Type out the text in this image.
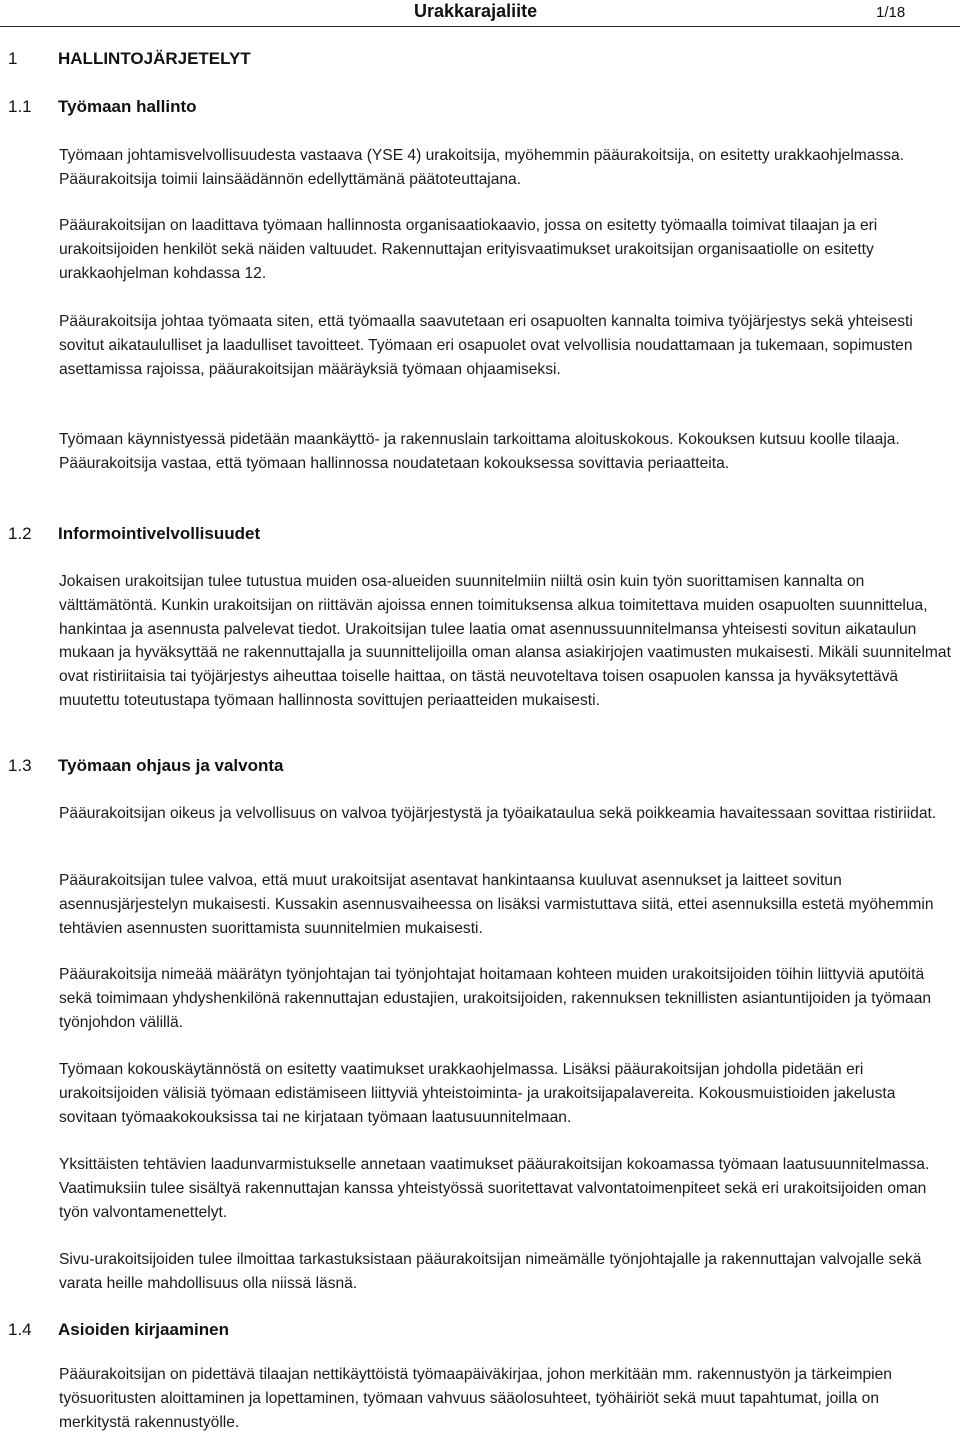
Urakkarajaliite	1/18
1 HALLINTOJÄRJETELYT
1.1 Työmaan hallinto

Työmaan johtamisvelvollisuudesta vastaava (YSE 4) urakoitsija, myöhemmin pääurakoitsija, on esitetty urakkaohjelmassa. Pääurakoitsija toimii lainsäädännön edellyttämänä päätoteuttajana.

Pääurakoitsijan on laadittava työmaan hallinnosta organisaatiokaavio, jossa on esitetty työmaalla toimivat tilaajan ja eri urakoitsijoiden henkilöt sekä näiden valtuudet. Rakennuttajan erityisvaatimukset urakoitsijan organisaatiolle on esitetty urakkaohjelman kohdassa 12.

Pääurakoitsija johtaa työmaata siten, että työmaalla saavutetaan eri osapuolten kannalta toimiva työjärjestys sekä yhteisesti sovitut aikataululliset ja laadulliset tavoitteet. Työmaan eri osapuolet ovat velvollisia noudattamaan ja tukemaan, sopimusten asettamissa rajoissa, pääurakoitsijan määräyksiä työmaan ohjaamiseksi.

Työmaan käynnistyessä pidetään maankäyttö- ja rakennuslain tarkoittama aloituskokous. Kokouksen kutsuu koolle tilaaja. Pääurakoitsija vastaa, että työmaan hallinnossa noudatetaan kokouksessa sovittavia periaatteita.

1.2 Informointivelvollisuudet

Jokaisen urakoitsijan tulee tutustua muiden osa-alueiden suunnitelmiin niiltä osin kuin työn suorittamisen kannalta on välttämätöntä. Kunkin urakoitsijan on riittävän ajoissa ennen toimituksensa alkua toimitettava muiden osapuolten suunnittelua, hankintaa ja asennusta palvelevat tiedot. Urakoitsijan tulee laatia omat asennussuunnitelmansa yhteisesti sovitun aikataulun mukaan ja hyväksyttää ne rakennuttajalla ja suunnittelijoilla oman alansa asiakirjojen vaatimusten mukaisesti. Mikäli suunnitelmat ovat ristiriitaisia tai työjärjestys aiheuttaa toiselle haittaa, on tästä neuvoteltava toisen osapuolen kanssa ja hyväksytettävä muutettu toteutustapa työmaan hallinnosta sovittujen periaatteiden mukaisesti.

1.3 Työmaan ohjaus ja valvonta

Pääurakoitsijan oikeus ja velvollisuus on valvoa työjärjestystä ja työaikataulua sekä poikkeamia havaitessaan sovittaa ristiriidat.

Pääurakoitsijan tulee valvoa, että muut urakoitsijat asentavat hankintaansa kuuluvat asennukset ja laitteet sovitun asennusjärjestelyn mukaisesti. Kussakin asennusvaiheessa on lisäksi varmistuttava siitä, ettei asennuksilla estetä myöhemmin tehtävien asennusten suorittamista suunnitelmien mukaisesti.

Pääurakoitsija nimeää määrätyn työnjohtajan tai työnjohtajat hoitamaan kohteen muiden urakoitsijoiden töihin liittyviä aputöitä sekä toimimaan yhdyshenkilönä rakennuttajan edustajien, urakoitsijoiden, rakennuksen teknillisten asiantuntijoiden ja työmaan työnjohdon välillä.

Työmaan kokouskäytännöstä on esitetty vaatimukset urakkaohjelmassa. Lisäksi pääurakoitsijan johdolla pidetään eri urakoitsijoiden välisiä työmaan edistämiseen liittyviä yhteistoiminta- ja urakoitsijapalavereita. Kokousmuistioiden jakelusta sovitaan työmaakokouksissa tai ne kirjataan työmaan laatusuunnitelmaan.

Yksittäisten tehtävien laadunvarmistukselle annetaan vaatimukset pääurakoitsijan kokoamassa työmaan laatusuunnitelmassa. Vaatimuksiin tulee sisältyä rakennuttajan kanssa yhteistyössä suoritettavat valvontatoimenpiteet sekä eri urakoitsijoiden oman työn valvontamenettelyt.

Sivu-urakoitsijoiden tulee ilmoittaa tarkastuksistaan pääurakoitsijan nimeämälle työnjohtajalle ja rakennuttajan valvojalle sekä varata heille mahdollisuus olla niissä läsnä.

1.4 Asioiden kirjaaminen

Pääurakoitsijan on pidettävä tilaajan nettikäyttöistä työmaapäiväkirjaa, johon merkitään mm. rakennustyön ja tärkeimpien työsuoritusten aloittaminen ja lopettaminen, työmaan vahvuus sääolosuhteet, työhäiriöt sekä muut tapahtumat, joilla on merkitystä rakennustyölle.
